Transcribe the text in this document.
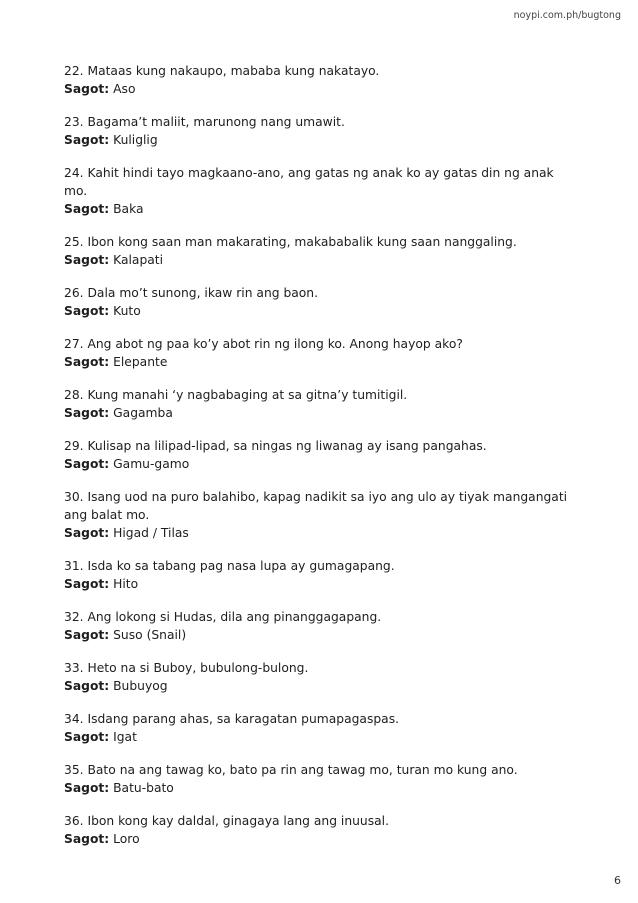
noypi.com.ph/bugtong

22. Mataas kung nakaupo, mababa kung nakatayo.

Sagot: Aso

23. Bagama’t maliit, marunong nang umawit.

Sagot: Kuliglig

24. Kahit hindi tayo magkaano-ano, ang gatas ng anak ko ay gatas din ng anak mo.

Sagot: Baka

25. Ibon kong saan man makarating, makababalik kung saan nanggaling.

Sagot: Kalapati

26. Dala mo’t sunong, ikaw rin ang baon.

Sagot: Kuto

27. Ang abot ng paa ko’y abot rin ng ilong ko. Anong hayop ako?

Sagot: Elepante

28. Kung manahi ‘y nagbabaging at sa gitna’y tumitigil.

Sagot: Gagamba

29. Kulisap na lilipad-lipad, sa ningas ng liwanag ay isang pangahas.

Sagot: Gamu-gamo

30. Isang uod na puro balahibo, kapag nadikit sa iyo ang ulo ay tiyak mangangati ang balat mo.

Sagot: Higad / Tilas

31. Isda ko sa tabang pag nasa lupa ay gumagapang.

Sagot: Hito

32. Ang lokong si Hudas, dila ang pinanggagapang.

Sagot: Suso (Snail)

33. Heto na si Buboy, bubulong-bulong.

Sagot: Bubuyog

34. Isdang parang ahas, sa karagatan pumapagaspas.

Sagot: Igat

35. Bato na ang tawag ko, bato pa rin ang tawag mo, turan mo kung ano.

Sagot: Batu-bato

36. Ibon kong kay daldal, ginagaya lang ang inuusal.

Sagot: Loro

6
